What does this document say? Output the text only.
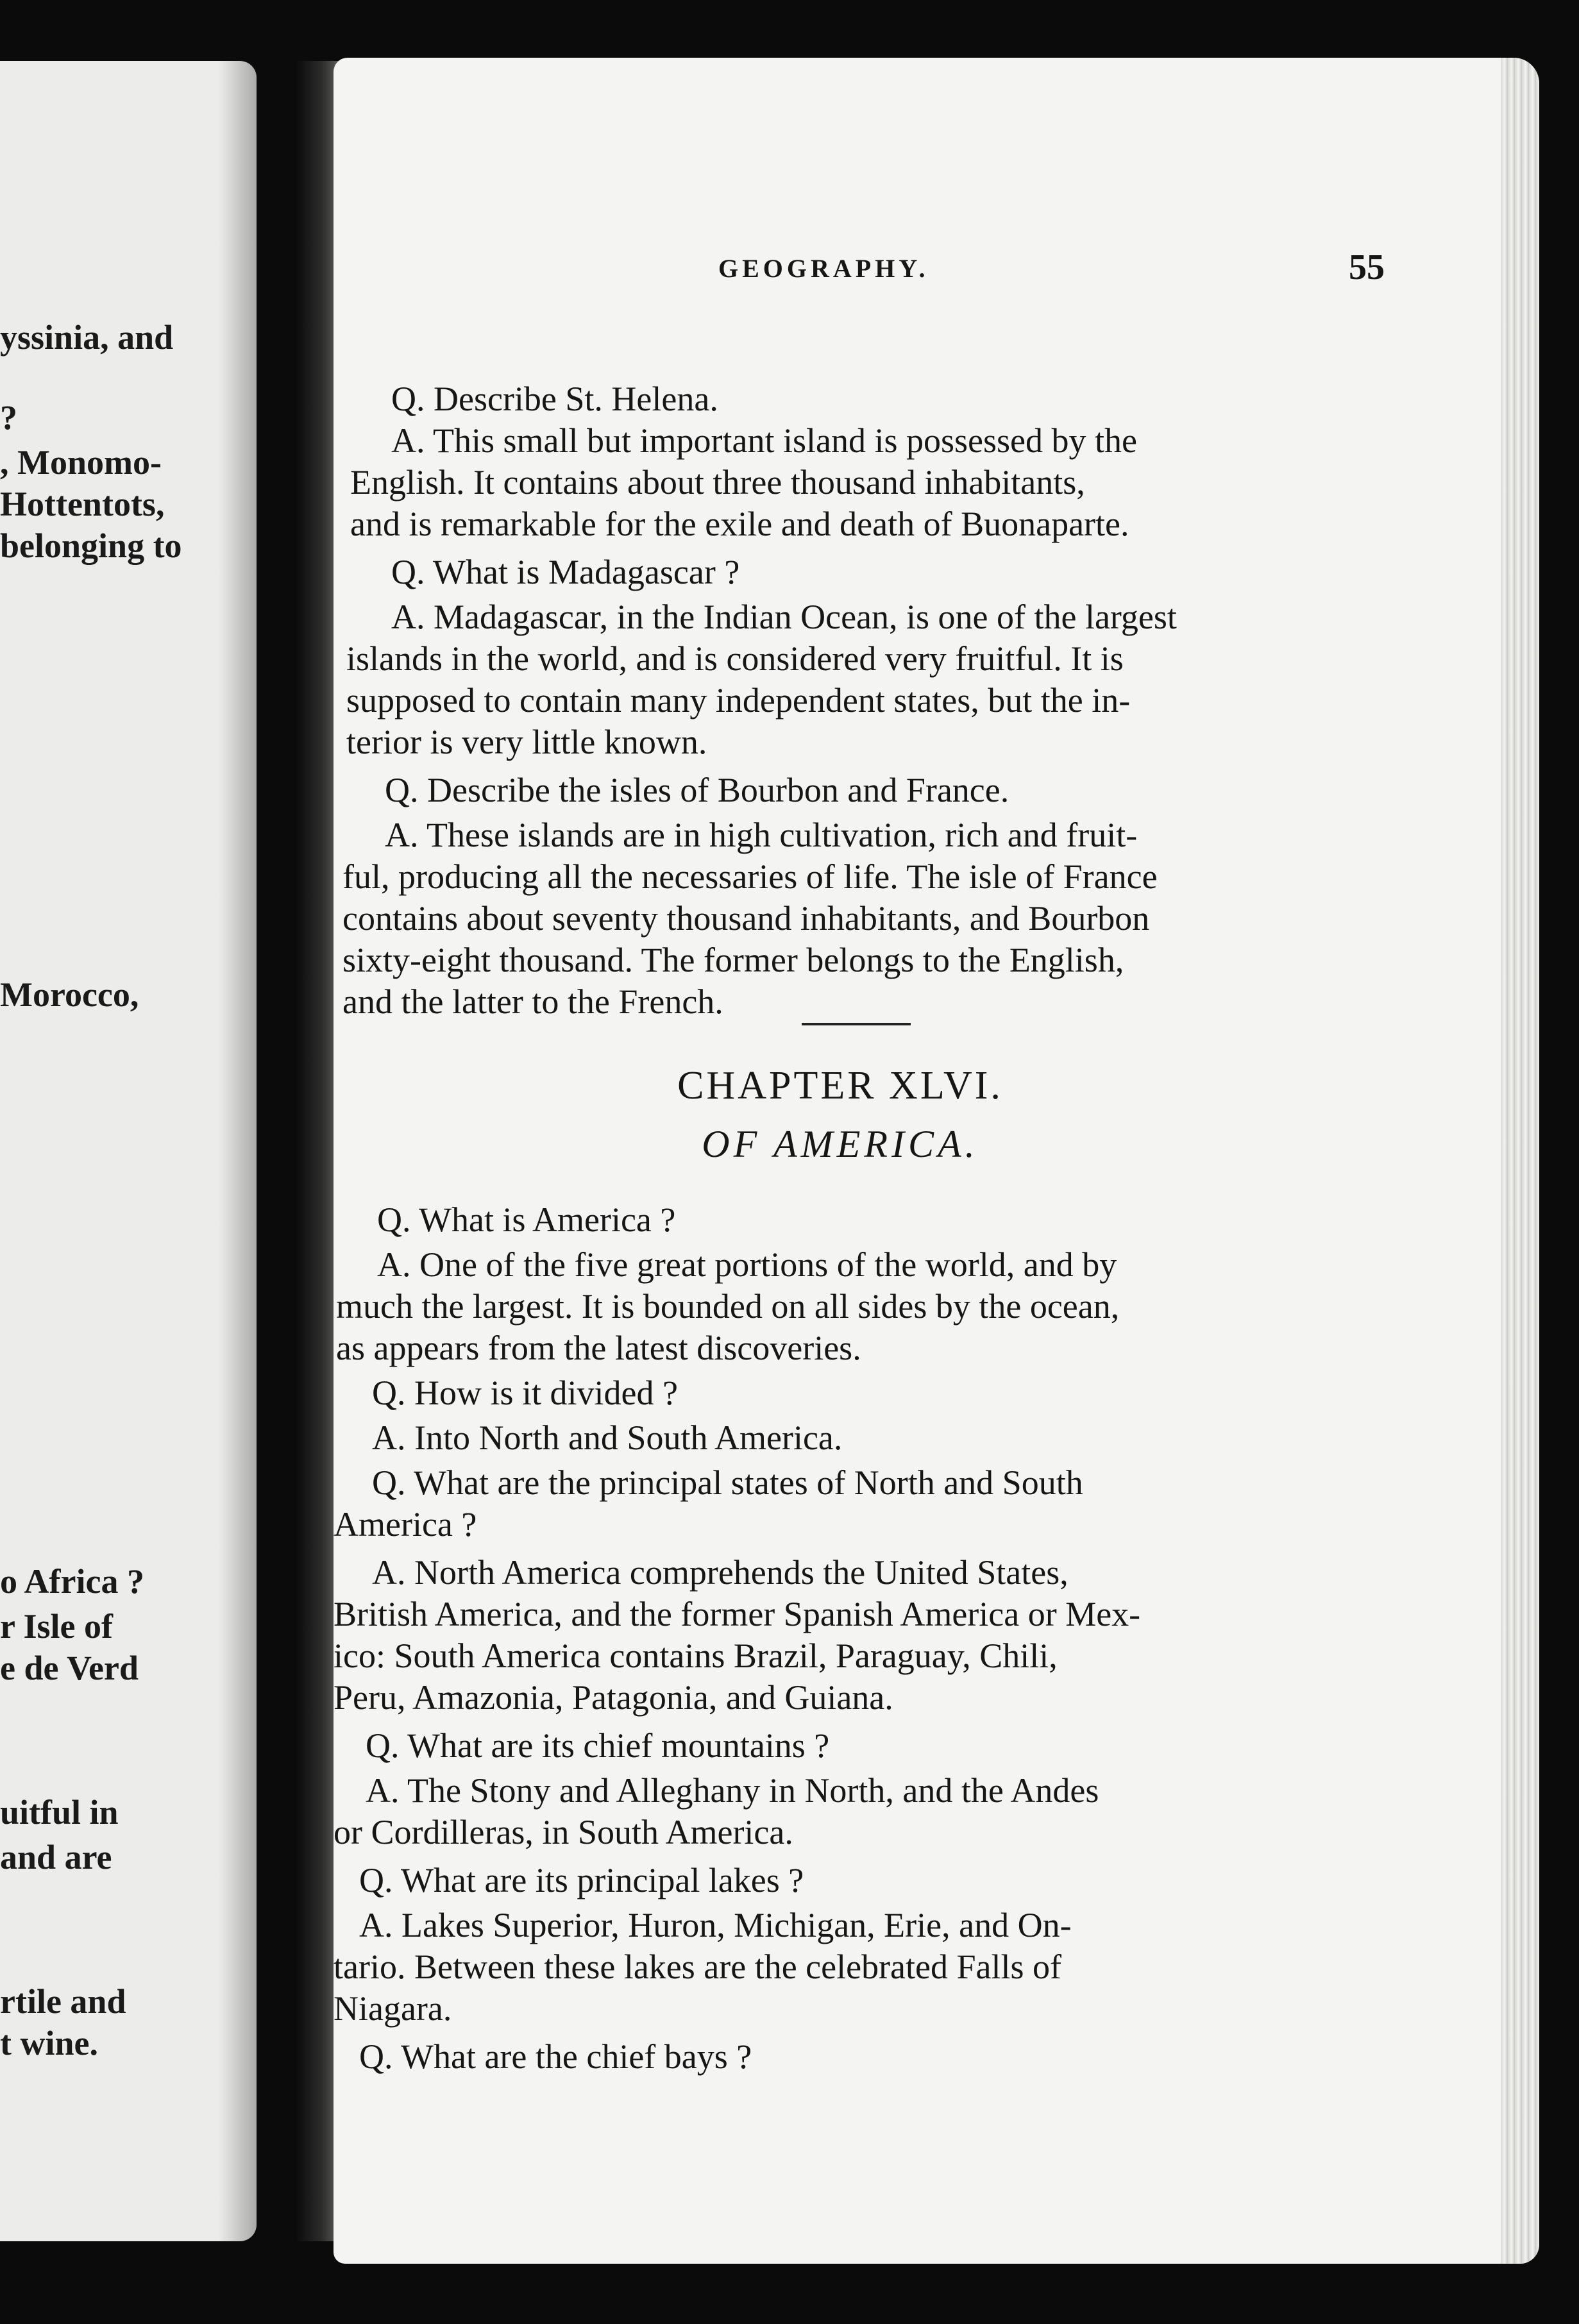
yssinia, and
?
, Monomo-
Hottentots,
belonging to
Morocco,
o Africa ?
r Isle of
e de Verd
uitful in
and are
rtile and
t wine.
GEOGRAPHY.	55
Q. Describe St. Helena.
A. This small but important island is possessed by the
English. It contains about three thousand inhabitants,
and is remarkable for the exile and death of Buonaparte.
Q. What is Madagascar ?
A. Madagascar, in the Indian Ocean, is one of the largest
islands in the world, and is considered very fruitful. It is
supposed to contain many independent states, but the in-
terior is very little known.
Q. Describe the isles of Bourbon and France.
A. These islands are in high cultivation, rich and fruit-
ful, producing all the necessaries of life. The isle of France
contains about seventy thousand inhabitants, and Bourbon
sixty-eight thousand. The former belongs to the English,
and the latter to the French.
CHAPTER XLVI.
OF AMERICA.
Q. What is America ?
A. One of the five great portions of the world, and by
much the largest. It is bounded on all sides by the ocean,
as appears from the latest discoveries.
Q. How is it divided ?
A. Into North and South America.
Q. What are the principal states of North and South
America ?
A. North America comprehends the United States,
British America, and the former Spanish America or Mex-
ico: South America contains Brazil, Paraguay, Chili,
Peru, Amazonia, Patagonia, and Guiana.
Q. What are its chief mountains ?
A. The Stony and Alleghany in North, and the Andes
or Cordilleras, in South America.
Q. What are its principal lakes ?
A. Lakes Superior, Huron, Michigan, Erie, and On-
tario. Between these lakes are the celebrated Falls of
Niagara.
Q. What are the chief bays ?
